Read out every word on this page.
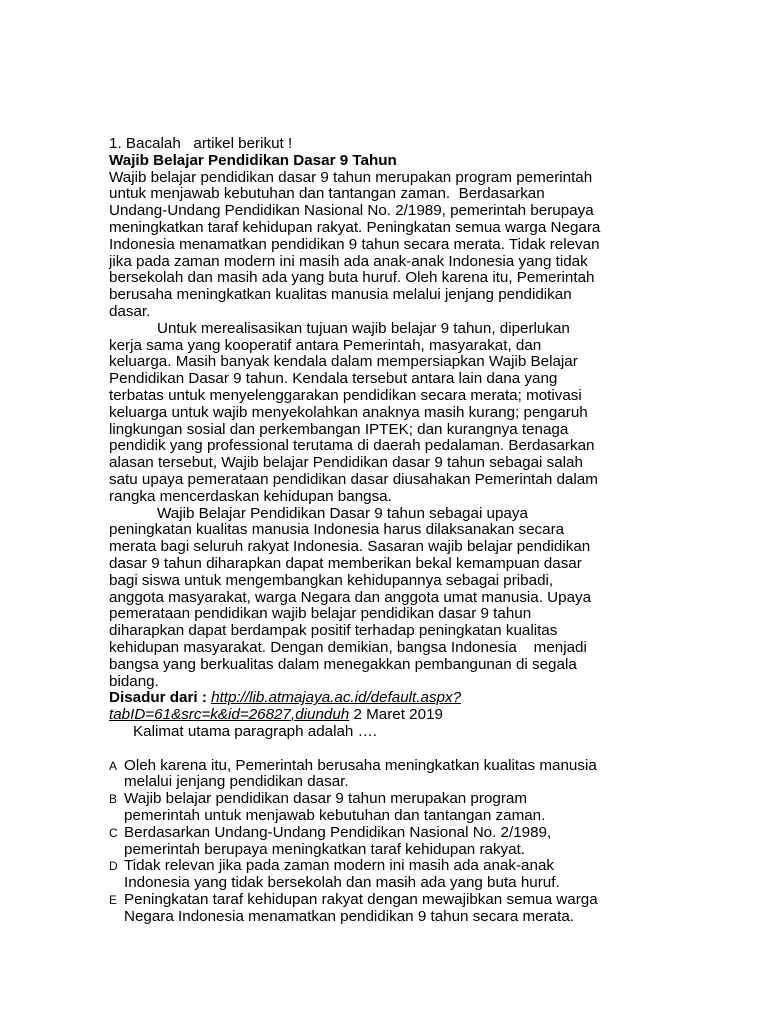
1. Bacalah   artikel berikut !
Wajib Belajar Pendidikan Dasar 9 Tahun
Wajib belajar pendidikan dasar 9 tahun merupakan program pemerintah
untuk menjawab kebutuhan dan tantangan zaman.  Berdasarkan
Undang-Undang Pendidikan Nasional No. 2/1989, pemerintah berupaya
meningkatkan taraf kehidupan rakyat. Peningkatan semua warga Negara
Indonesia menamatkan pendidikan 9 tahun secara merata. Tidak relevan
jika pada zaman modern ini masih ada anak-anak Indonesia yang tidak
bersekolah dan masih ada yang buta huruf. Oleh karena itu, Pemerintah
berusaha meningkatkan kualitas manusia melalui jenjang pendidikan
dasar.
Untuk merealisasikan tujuan wajib belajar 9 tahun, diperlukan
kerja sama yang kooperatif antara Pemerintah, masyarakat, dan
keluarga. Masih banyak kendala dalam mempersiapkan Wajib Belajar
Pendidikan Dasar 9 tahun. Kendala tersebut antara lain dana yang
terbatas untuk menyelenggarakan pendidikan secara merata; motivasi
keluarga untuk wajib menyekolahkan anaknya masih kurang; pengaruh
lingkungan sosial dan perkembangan IPTEK; dan kurangnya tenaga
pendidik yang professional terutama di daerah pedalaman. Berdasarkan
alasan tersebut, Wajib belajar Pendidikan dasar 9 tahun sebagai salah
satu upaya pemerataan pendidikan dasar diusahakan Pemerintah dalam
rangka mencerdaskan kehidupan bangsa.
Wajib Belajar Pendidikan Dasar 9 tahun sebagai upaya
peningkatan kualitas manusia Indonesia harus dilaksanakan secara
merata bagi seluruh rakyat Indonesia. Sasaran wajib belajar pendidikan
dasar 9 tahun diharapkan dapat memberikan bekal kemampuan dasar
bagi siswa untuk mengembangkan kehidupannya sebagai pribadi,
anggota masyarakat, warga Negara dan anggota umat manusia. Upaya
pemerataan pendidikan wajib belajar pendidikan dasar 9 tahun
diharapkan dapat berdampak positif terhadap peningkatan kualitas
kehidupan masyarakat. Dengan demikian, bangsa Indonesia    menjadi
bangsa yang berkualitas dalam menegakkan pembangunan di segala
bidang.
Disadur dari : http://lib.atmajaya.ac.id/default.aspx?
tabID=61&src=k&id=26827,diunduh 2 Maret 2019
Kalimat utama paragraph adalah ….
A Oleh karena itu, Pemerintah berusaha meningkatkan kualitas manusia
melalui jenjang pendidikan dasar.
B Wajib belajar pendidikan dasar 9 tahun merupakan program
pemerintah untuk menjawab kebutuhan dan tantangan zaman.
C Berdasarkan Undang-Undang Pendidikan Nasional No. 2/1989,
pemerintah berupaya meningkatkan taraf kehidupan rakyat.
D Tidak relevan jika pada zaman modern ini masih ada anak-anak
Indonesia yang tidak bersekolah dan masih ada yang buta huruf.
E Peningkatan taraf kehidupan rakyat dengan mewajibkan semua warga
Negara Indonesia menamatkan pendidikan 9 tahun secara merata.
